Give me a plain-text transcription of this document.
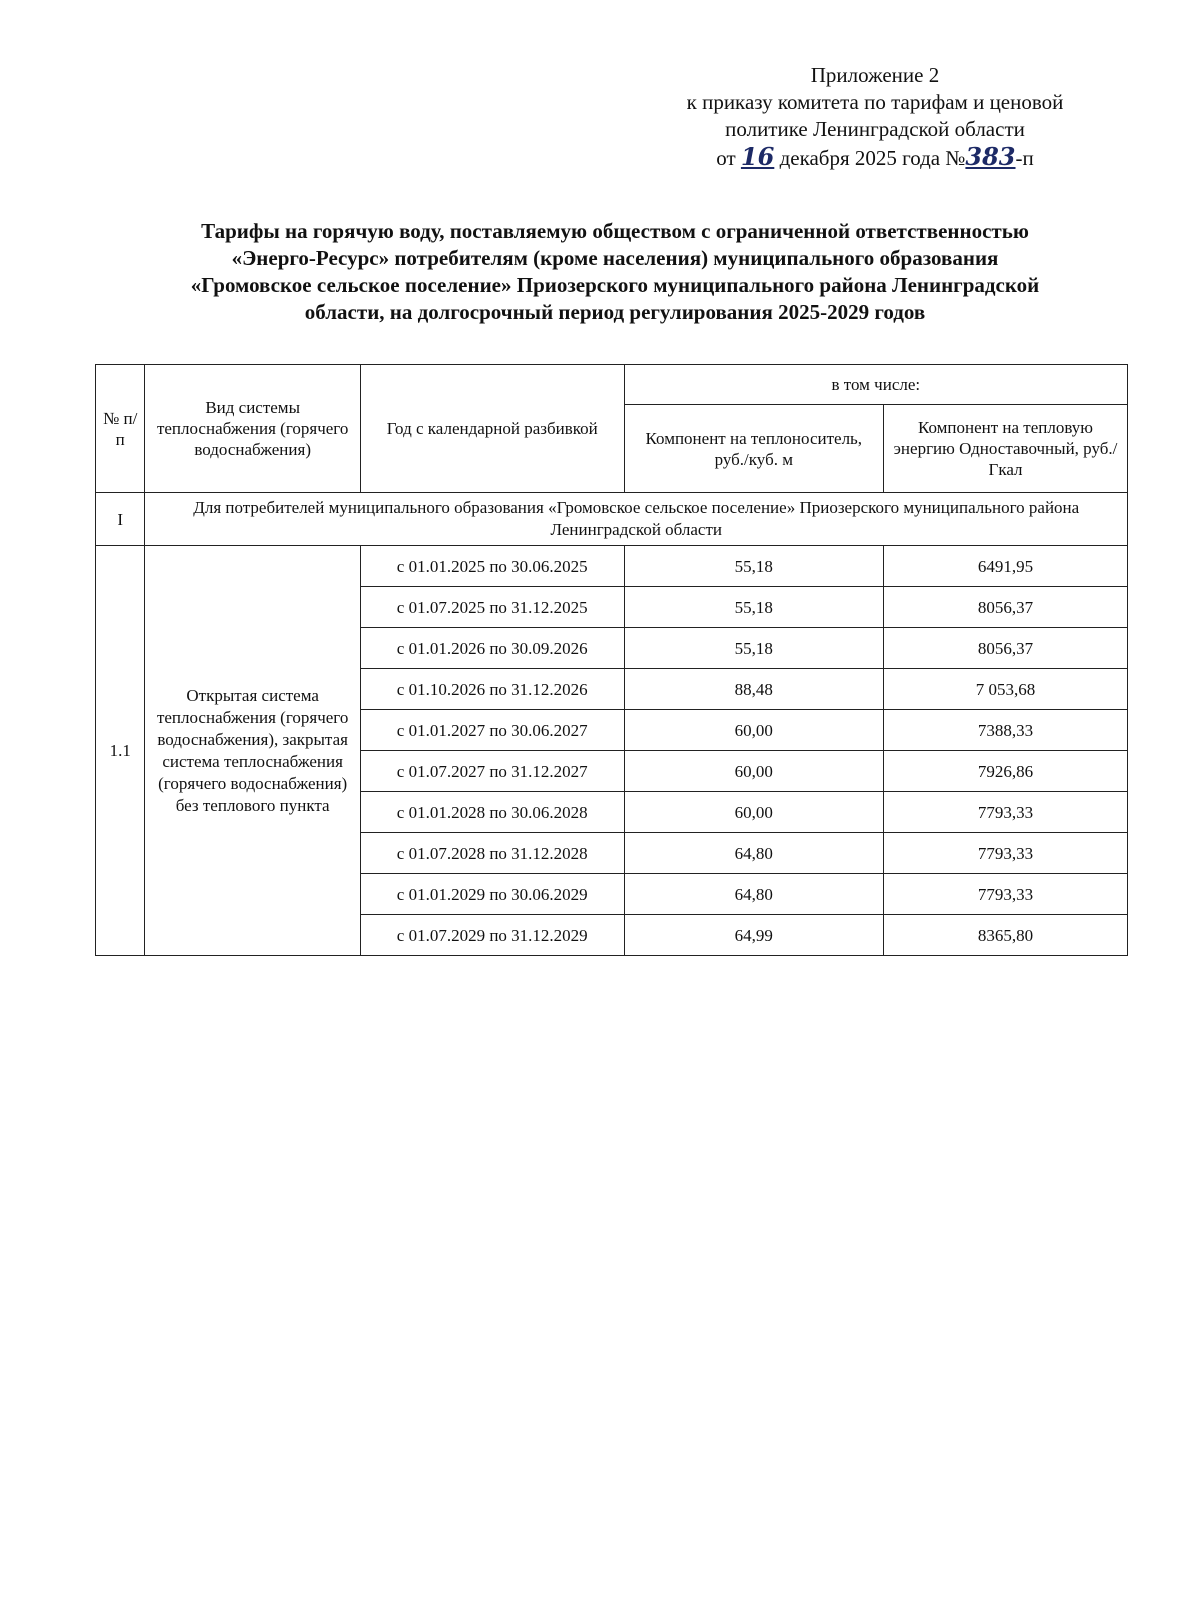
Приложение 2
к приказу комитета по тарифам и ценовой
политике Ленинградской области
от 16 декабря 2025 года №383-п
Тарифы на горячую воду, поставляемую обществом с ограниченной ответственностью
«Энерго-Ресурс» потребителям (кроме населения) муниципального образования
«Громовское сельское поселение» Приозерского муниципального района Ленинградской
области, на долгосрочный период регулирования 2025-2029 годов
№ п/п	Вид системы теплоснабжения (горячего водоснабжения)	Год с календарной разбивкой	в том числе:	
			Компонент на теплоноситель, руб./куб. м	Компонент на тепловую энергию Одноставочный, руб./Гкал
I	Для потребителей муниципального образования «Громовское сельское поселение» Приозерского муниципального района Ленинградской области			
1.1	Открытая система теплоснабжения (горячего водоснабжения), закрытая система теплоснабжения (горячего водоснабжения) без теплового пункта	с 01.01.2025 по 30.06.2025	55,18	6491,95
		с 01.07.2025 по 31.12.2025	55,18	8056,37
		с 01.01.2026 по 30.09.2026	55,18	8056,37
		с 01.10.2026 по 31.12.2026	88,48	7 053,68
		с 01.01.2027 по 30.06.2027	60,00	7388,33
		с 01.07.2027 по 31.12.2027	60,00	7926,86
		с 01.01.2028 по 30.06.2028	60,00	7793,33
		с 01.07.2028 по 31.12.2028	64,80	7793,33
		с 01.01.2029 по 30.06.2029	64,80	7793,33
		с 01.07.2029 по 31.12.2029	64,99	8365,80
